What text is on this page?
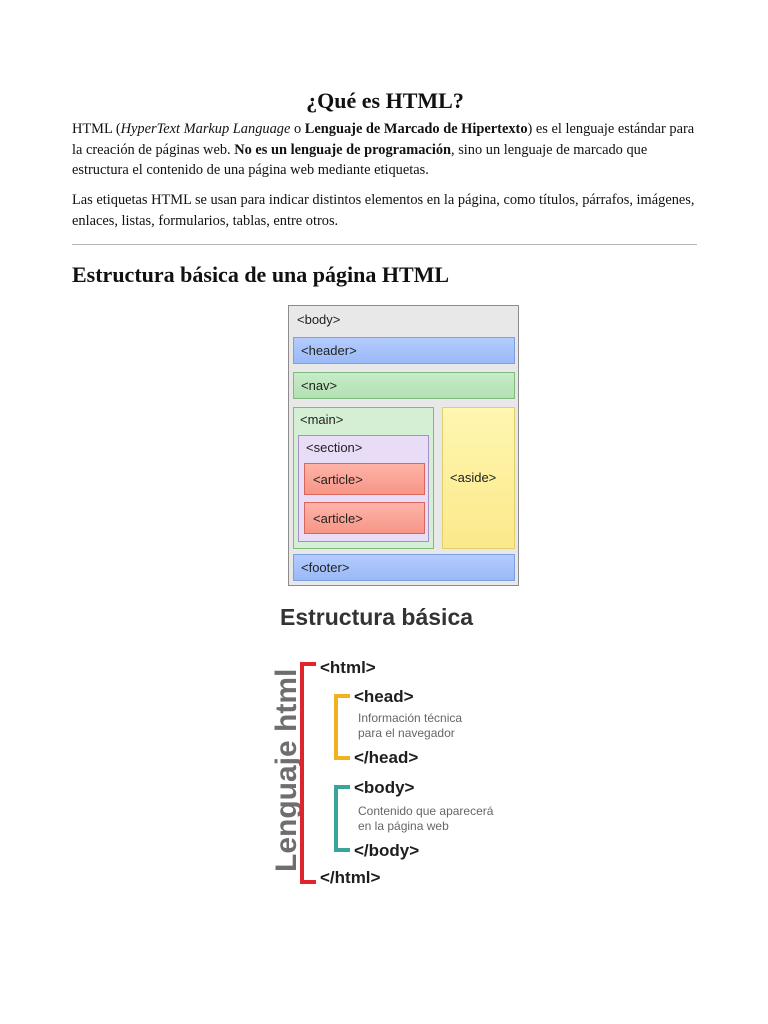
¿Qué es HTML?

HTML (HyperText Markup Language o Lenguaje de Marcado de Hipertexto) es el lenguaje estándar para la creación de páginas web. No es un lenguaje de programación, sino un lenguaje de marcado que estructura el contenido de una página web mediante etiquetas.

Las etiquetas HTML se usan para indicar distintos elementos en la página, como títulos, párrafos, imágenes, enlaces, listas, formularios, tablas, entre otros.

Estructura básica de una página HTML
<body>
<header>
<nav>
<main>
<aside>
<section>
<article>
<article>
<footer>
Estructura básica
Lenguaje html
<html>
<head>
Información técnica
para el navegador
</head>
<body>
Contenido que aparecerá
en la página web
</body>
</html>
